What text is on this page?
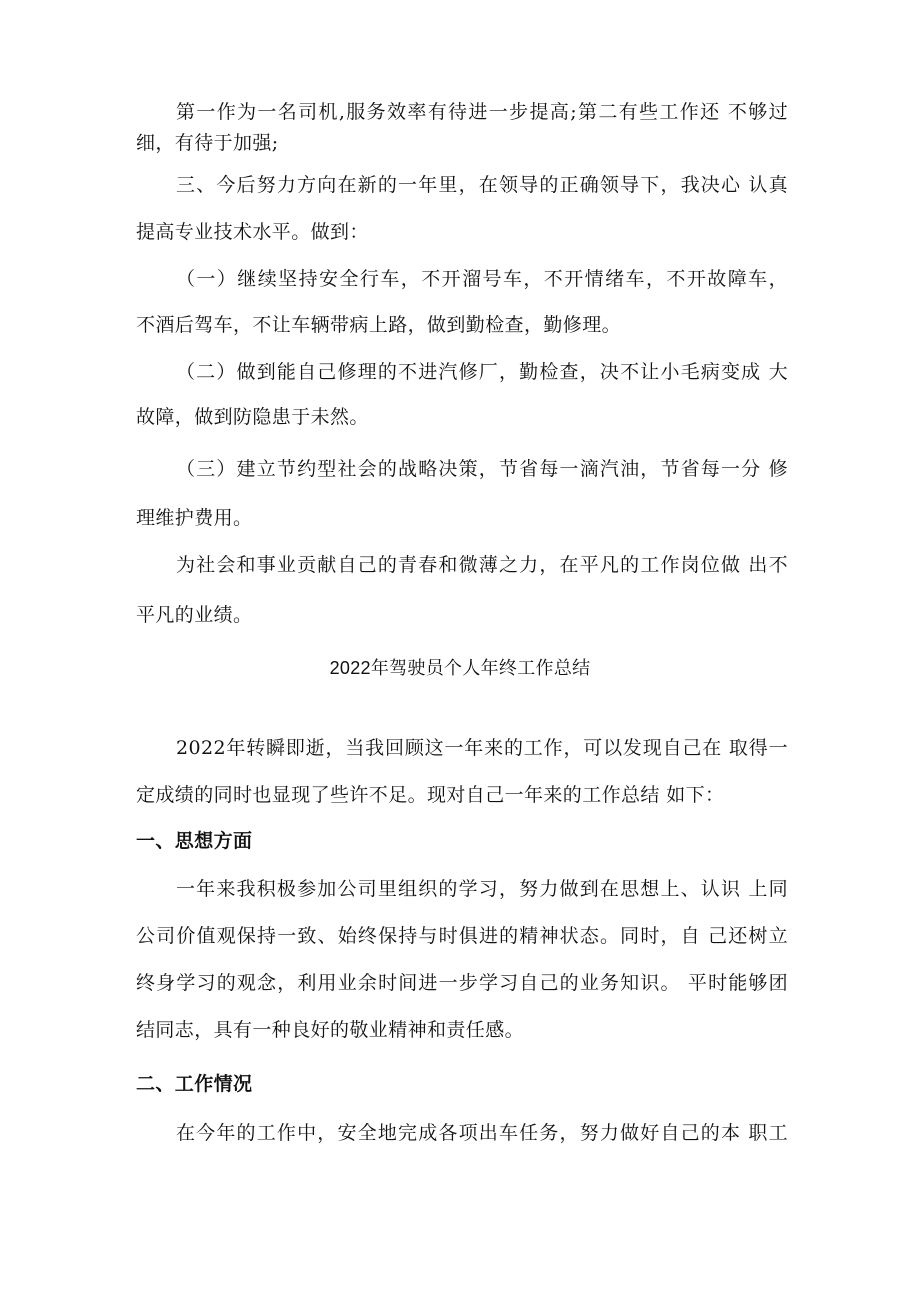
第一作为一名司机,服务效率有待进一步提高;第二有些工作还 不够过
细，有待于加强;
三、今后努力方向在新的一年里，在领导的正确领导下，我决心 认真
提高专业技术水平。做到：
（一）继续坚持安全行车，不开溜号车，不开情绪车，不开故障车，
不酒后驾车，不让车辆带病上路，做到勤检查，勤修理。
（二）做到能自己修理的不进汽修厂，勤检查，决不让小毛病变成 大
故障，做到防隐患于未然。
（三）建立节约型社会的战略决策，节省每一滴汽油，节省每一分 修
理维护费用。
为社会和事业贡献自己的青春和微薄之力，在平凡的工作岗位做 出不
平凡的业绩。
2022年驾驶员个人年终工作总结
2022年转瞬即逝，当我回顾这一年来的工作，可以发现自己在 取得一
定成绩的同时也显现了些许不足。现对自己一年来的工作总结 如下：
一、思想方面
一年来我积极参加公司里组织的学习，努力做到在思想上、认识 上同
公司价值观保持一致、始终保持与时俱进的精神状态。同时，自 己还树立
终身学习的观念，利用业余时间进一步学习自己的业务知识。 平时能够团
结同志，具有一种良好的敬业精神和责任感。
二、工作情况
在今年的工作中，安全地完成各项出车任务，努力做好自己的本 职工
